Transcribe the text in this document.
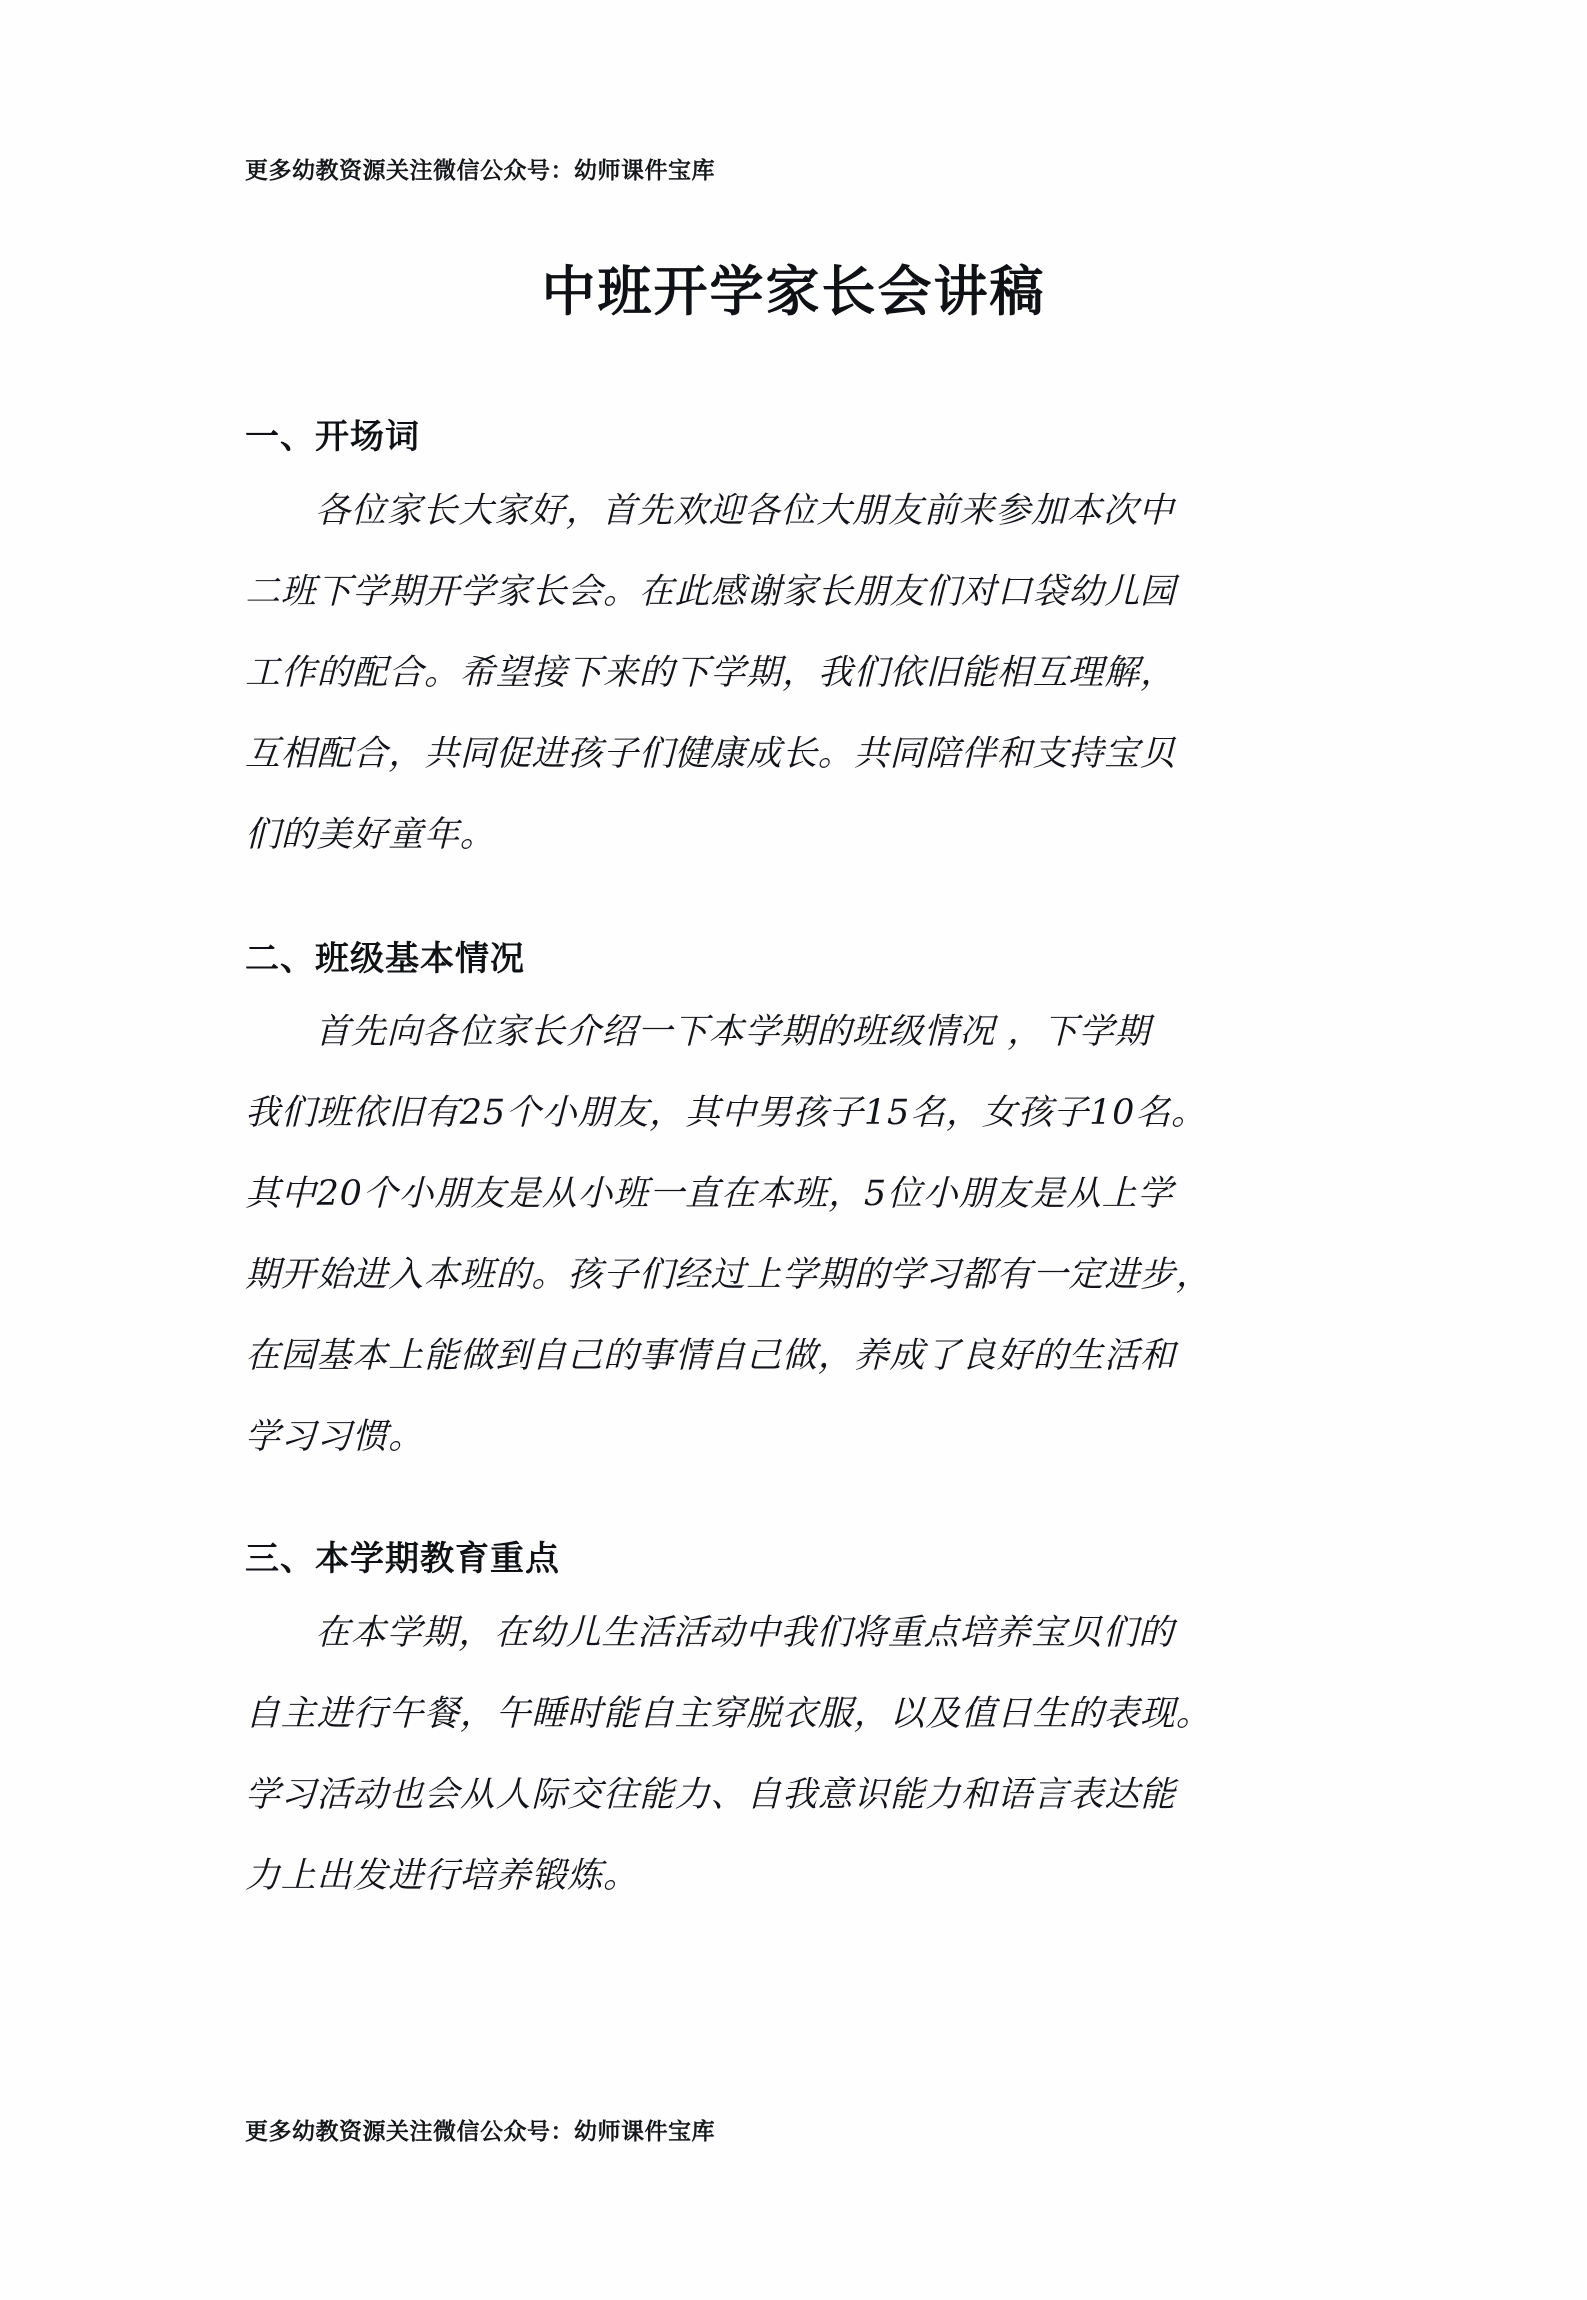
更多幼教资源关注微信公众号：幼师课件宝库
中班开学家长会讲稿
一、开场词

各位家长大家好，首先欢迎各位大朋友前来参加本次中
二班下学期开学家长会。在此感谢家长朋友们对口袋幼儿园
工作的配合。希望接下来的下学期，我们依旧能相互理解，
互相配合，共同促进孩子们健康成长。共同陪伴和支持宝贝
们的美好童年。

二、班级基本情况

首先向各位家长介绍一下本学期的班级情况 ，下学期
我们班依旧有25个小朋友，其中男孩子15名，女孩子10名。
其中20个小朋友是从小班一直在本班，5位小朋友是从上学
期开始进入本班的。孩子们经过上学期的学习都有一定进步，
在园基本上能做到自己的事情自己做，养成了良好的生活和
学习习惯。

三、本学期教育重点

在本学期，在幼儿生活活动中我们将重点培养宝贝们的
自主进行午餐，午睡时能自主穿脱衣服，以及值日生的表现。
学习活动也会从人际交往能力、自我意识能力和语言表达能
力上出发进行培养锻炼。

更多幼教资源关注微信公众号：幼师课件宝库
